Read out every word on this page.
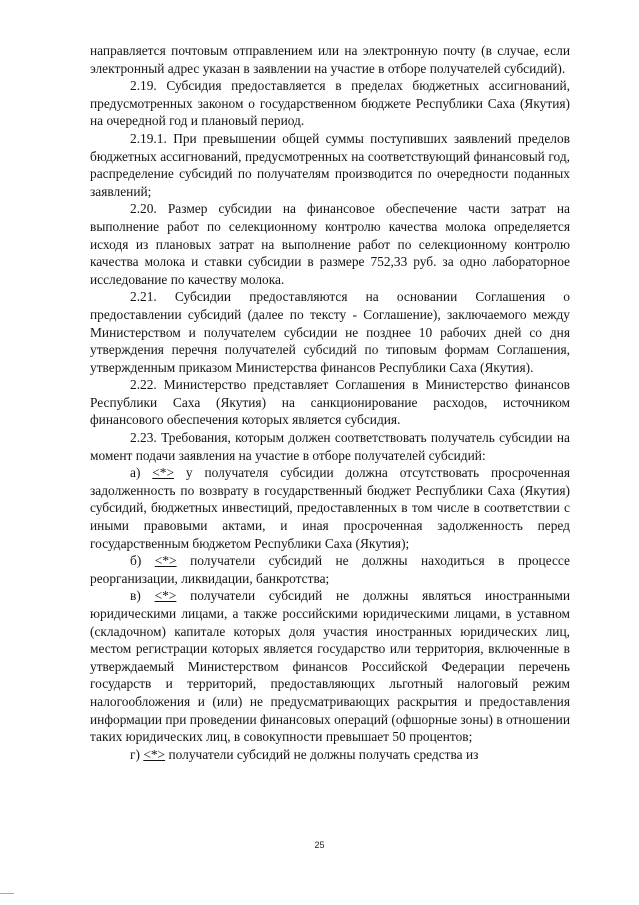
направляется почтовым отправлением или на электронную почту (в случае, если электронный адрес указан в заявлении на участие в отборе получателей субсидий).

2.19. Субсидия предоставляется в пределах бюджетных ассигнований, предусмотренных законом о государственном бюджете Республики Саха (Якутия) на очередной год и плановый период.

2.19.1. При превышении общей суммы поступивших заявлений пределов бюджетных ассигнований, предусмотренных на соответствующий финансовый год, распределение субсидий по получателям производится по очередности поданных заявлений;

2.20. Размер субсидии на финансовое обеспечение части затрат на выполнение работ по селекционному контролю качества молока определяется исходя из плановых затрат на выполнение работ по селекционному контролю качества молока и ставки субсидии в размере 752,33 руб. за одно лабораторное исследование по качеству молока.

2.21. Субсидии предоставляются на основании Соглашения о предоставлении субсидий (далее по тексту - Соглашение), заключаемого между Министерством и получателем субсидии не позднее 10 рабочих дней со дня утверждения перечня получателей субсидий по типовым формам Соглашения, утвержденным приказом Министерства финансов Республики Саха (Якутия).

2.22. Министерство представляет Соглашения в Министерство финансов Республики Саха (Якутия) на санкционирование расходов, источником финансового обеспечения которых является субсидия.

2.23. Требования, которым должен соответствовать получатель субсидии на момент подачи заявления на участие в отборе получателей субсидий:

а) <*> у получателя субсидии должна отсутствовать просроченная задолженность по возврату в государственный бюджет Республики Саха (Якутия) субсидий, бюджетных инвестиций, предоставленных в том числе в соответствии с иными правовыми актами, и иная просроченная задолженность перед государственным бюджетом Республики Саха (Якутия);

б) <*> получатели субсидий не должны находиться в процессе реорганизации, ликвидации, банкротства;

в) <*> получатели субсидий не должны являться иностранными юридическими лицами, а также российскими юридическими лицами, в уставном (складочном) капитале которых доля участия иностранных юридических лиц, местом регистрации которых является государство или территория, включенные в утверждаемый Министерством финансов Российской Федерации перечень государств и территорий, предоставляющих льготный налоговый режим налогообложения и (или) не предусматривающих раскрытия и предоставления информации при проведении финансовых операций (офшорные зоны) в отношении таких юридических лиц, в совокупности превышает 50 процентов;

г) <*> получатели субсидий не должны получать средства из

25
